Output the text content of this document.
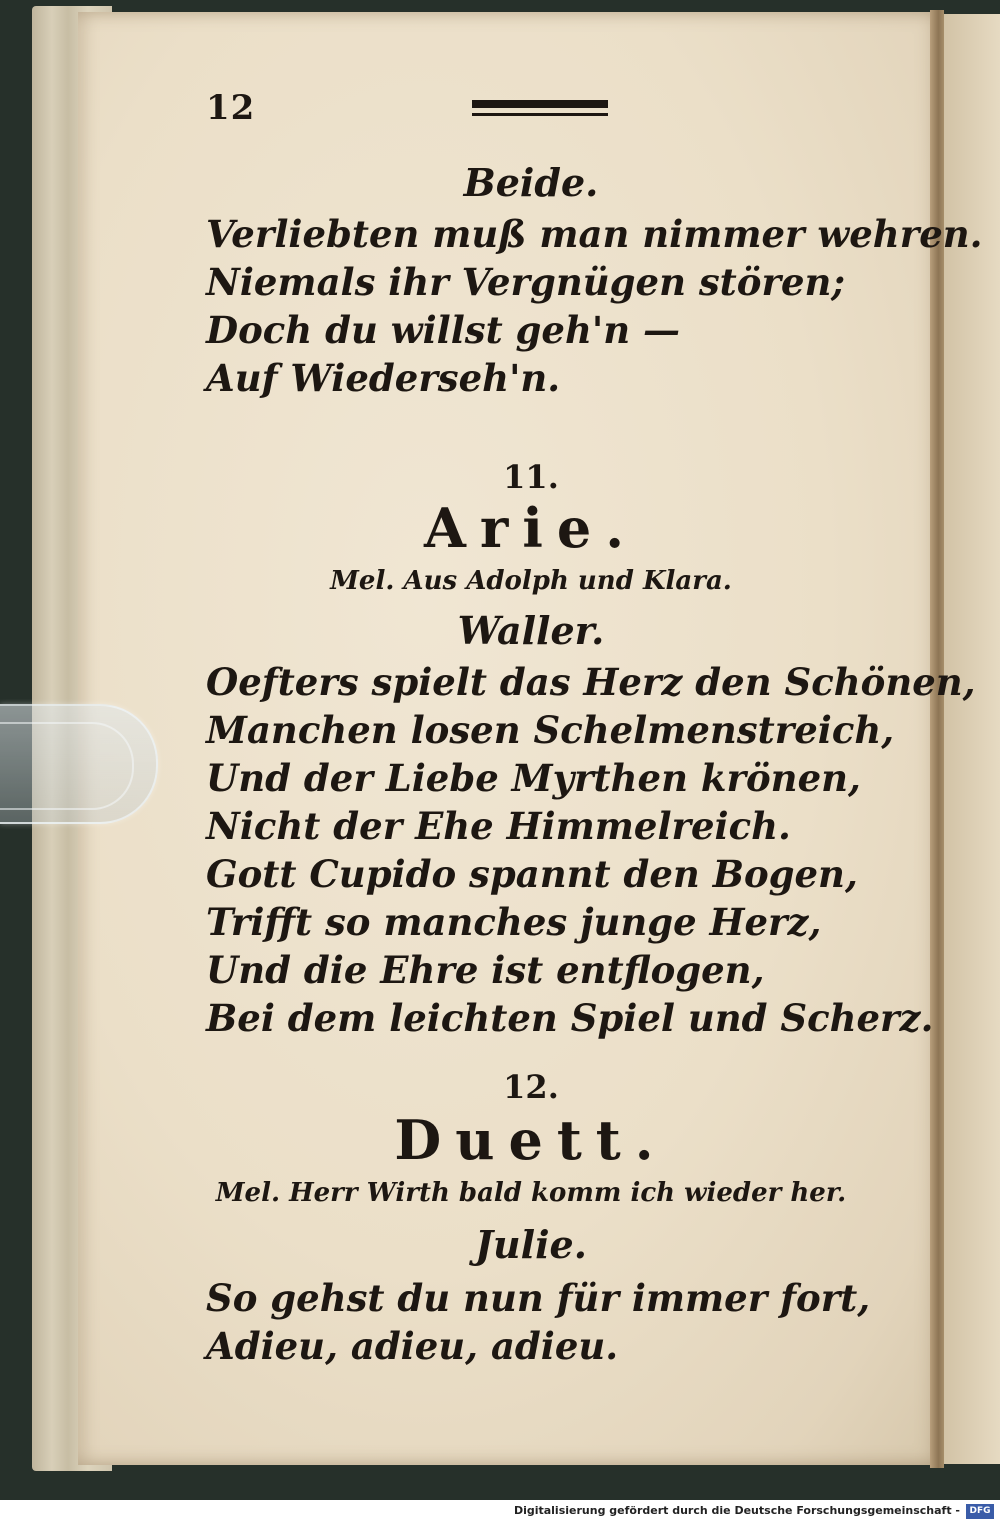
12
Beide.
Verliebten muß man nimmer wehren.
Niemals ihr Vergnügen stören;
Doch du willst geh'n —
Auf Wiederseh'n.
11.
Arie.
Mel. Aus Adolph und Klara.
Waller.
Oefters spielt das Herz den Schönen,
Manchen losen Schelmenstreich,
Und der Liebe Myrthen krönen,
Nicht der Ehe Himmelreich.
Gott Cupido spannt den Bogen,
Trifft so manches junge Herz,
Und die Ehre ist entflogen,
Bei dem leichten Spiel und Scherz.
12.
Duett.
Mel. Herr Wirth bald komm ich wieder her.
Julie.
So gehst du nun für immer fort,
Adieu, adieu, adieu.
Digitalisierung gefördert durch die Deutsche Forschungsgemeinschaft -	DFG
